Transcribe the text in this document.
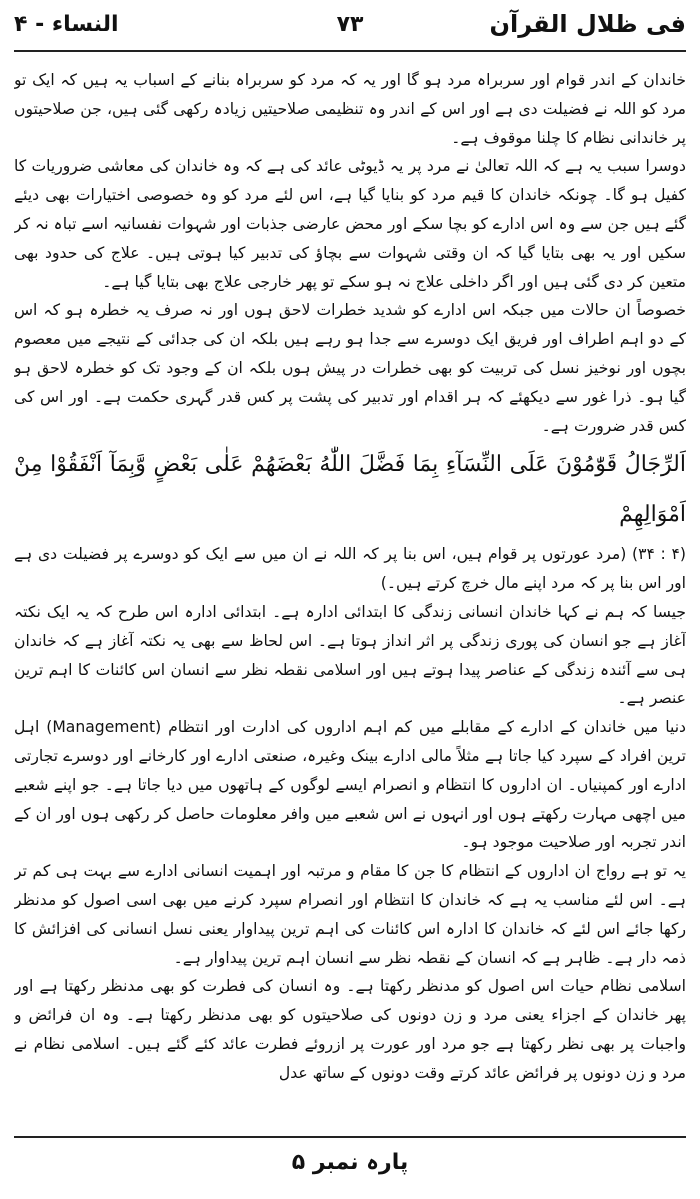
فی ظلال القرآن
۷۳
النساء - ۴

خاندان کے اندر قوام اور سربراہ مرد ہو گا اور یہ کہ مرد کو سربراہ بنانے کے اسباب یہ ہیں کہ ایک تو مرد کو اللہ نے فضیلت دی ہے اور اس کے اندر وہ تنظیمی صلاحیتیں زیادہ رکھی گئی ہیں، جن صلاحیتوں پر خاندانی نظام کا چلنا موقوف ہے۔

دوسرا سبب یہ ہے کہ اللہ تعالیٰ نے مرد پر یہ ڈیوٹی عائد کی ہے کہ وہ خاندان کی معاشی ضروریات کا کفیل ہو گا۔ چونکہ خاندان کا قیم مرد کو بنایا گیا ہے، اس لئے مرد کو وہ خصوصی اختیارات بھی دیئے گئے ہیں جن سے وہ اس ادارے کو بچا سکے اور محض عارضی جذبات اور شہوات نفسانیہ اسے تباہ نہ کر سکیں اور یہ بھی بتایا گیا کہ ان وقتی شہوات سے بچاؤ کی تدبیر کیا ہوتی ہیں۔ علاج کی حدود بھی متعین کر دی گئی ہیں اور اگر داخلی علاج نہ ہو سکے تو پھر خارجی علاج بھی بتایا گیا ہے۔

خصوصاً ان حالات میں جبکہ اس ادارے کو شدید خطرات لاحق ہوں اور نہ صرف یہ خطرہ ہو کہ اس کے دو اہم اطراف اور فریق ایک دوسرے سے جدا ہو رہے ہیں بلکہ ان کی جدائی کے نتیجے میں معصوم بچوں اور نوخیز نسل کی تربیت کو بھی خطرات در پیش ہوں بلکہ ان کے وجود تک کو خطرہ لاحق ہو گیا ہو۔ ذرا غور سے دیکھئے کہ ہر اقدام اور تدبیر کی پشت پر کس قدر گہری حکمت ہے۔ اور اس کی کس قدر ضرورت ہے۔

اَلرِّجَالُ قَوّٰمُوْنَ عَلَی النِّسَآءِ بِمَا فَضَّلَ اللّٰهُ بَعْضَهُمْ عَلٰی بَعْضٍ وَّبِمَآ اَنْفَقُوْا مِنْ اَمْوَالِهِمْ

(۴ : ۳۴) (مرد عورتوں پر قوام ہیں، اس بنا پر کہ اللہ نے ان میں سے ایک کو دوسرے پر فضیلت دی ہے اور اس بنا پر کہ مرد اپنے مال خرچ کرتے ہیں۔)

جیسا کہ ہم نے کہا خاندان انسانی زندگی کا ابتدائی ادارہ ہے۔ ابتدائی ادارہ اس طرح کہ یہ ایک نکتہ آغاز ہے جو انسان کی پوری زندگی پر اثر انداز ہوتا ہے۔ اس لحاظ سے بھی یہ نکتہ آغاز ہے کہ خاندان ہی سے آئندہ زندگی کے عناصر پیدا ہوتے ہیں اور اسلامی نقطہ نظر سے انسان اس کائنات کا اہم ترین عنصر ہے۔

دنیا میں خاندان کے ادارے کے مقابلے میں کم اہم اداروں کی ادارت اور انتظام (Management) اہل ترین افراد کے سپرد کیا جاتا ہے مثلاً مالی ادارے بینک وغیرہ، صنعتی ادارے اور کارخانے اور دوسرے تجارتی ادارے اور کمپنیاں۔ ان اداروں کا انتظام و انصرام ایسے لوگوں کے ہاتھوں میں دیا جاتا ہے۔ جو اپنے شعبے میں اچھی مہارت رکھتے ہوں اور انہوں نے اس شعبے میں وافر معلومات حاصل کر رکھی ہوں اور ان کے اندر تجربہ اور صلاحیت موجود ہو۔

یہ تو ہے رواج ان اداروں کے انتظام کا جن کا مقام و مرتبہ اور اہمیت انسانی ادارے سے بہت ہی کم تر ہے۔ اس لئے مناسب یہ ہے کہ خاندان کا انتظام اور انصرام سپرد کرنے میں بھی اسی اصول کو مدنظر رکھا جائے اس لئے کہ خاندان کا ادارہ اس کائنات کی اہم ترین پیداوار یعنی نسل انسانی کی افزائش کا ذمہ دار ہے۔ ظاہر ہے کہ انسان کے نقطہ نظر سے انسان اہم ترین پیداوار ہے۔

اسلامی نظام حیات اس اصول کو مدنظر رکھتا ہے۔ وہ انسان کی فطرت کو بھی مدنظر رکھتا ہے اور پھر خاندان کے اجزاء یعنی مرد و زن دونوں کی صلاحیتوں کو بھی مدنظر رکھتا ہے۔ وہ ان فرائض و واجبات پر بھی نظر رکھتا ہے جو مرد اور عورت پر ازروئے فطرت عائد کئے گئے ہیں۔ اسلامی نظام نے مرد و زن دونوں پر فرائض عائد کرتے وقت دونوں کے ساتھ عدل

پارہ نمبر ۵
